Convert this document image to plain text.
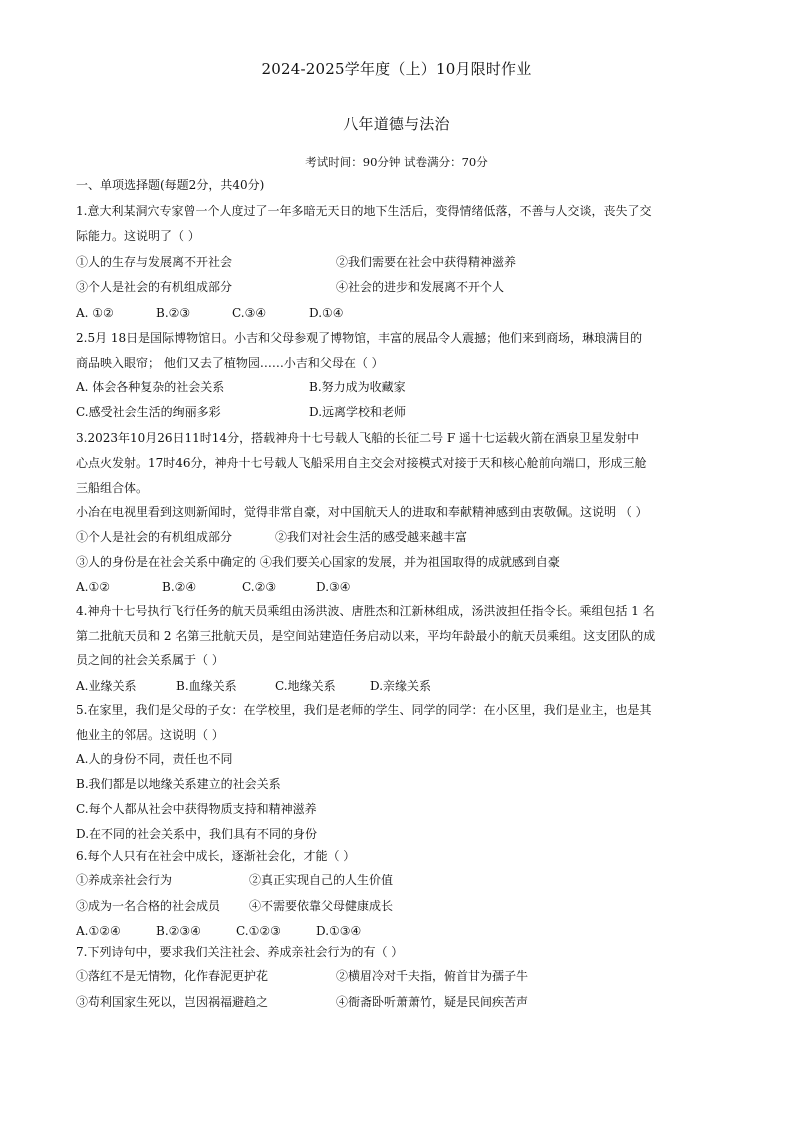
2024-2025学年度（上）10月限时作业
八年道德与法治
考试时间：90分钟 试卷满分：70分
一、单项选择题(每题2分，共40分)
1.意大利某洞穴专家曾一个人度过了一年多暗无天日的地下生活后，变得情绪低落，不善与人交谈，丧失了交
际能力。这说明了（ ）
①人的生存与发展离不开社会	②我们需要在社会中获得精神滋养
③个人是社会的有机组成部分	④社会的进步和发展离不开个人
A. ①②	B.②③	C.③④	D.①④
2.5月 18日是国际博物馆日。小吉和父母参观了博物馆，丰富的展品令人震撼；他们来到商场，琳琅满目的
商品映入眼帘； 他们又去了植物园……小吉和父母在（ ）
A. 体会各种复杂的社会关系	B.努力成为收藏家
C.感受社会生活的绚丽多彩	D.远离学校和老师
3.2023年10月26日11时14分，搭载神舟十七号载人飞船的长征二号 F 遥十七运载火箭在酒泉卫星发射中
心点火发射。17时46分，神舟十七号载人飞船采用自主交会对接模式对接于天和核心舱前向端口，形成三舱
三船组合体。
小冶在电视里看到这则新闻时，觉得非常自豪，对中国航天人的进取和奉献精神感到由衷敬佩。这说明 （ ）
①个人是社会的有机组成部分	②我们对社会生活的感受越来越丰富
③人的身份是在社会关系中确定的 ④我们要关心国家的发展，并为祖国取得的成就感到自豪
A.①②	B.②④	C.②③	D.③④
4.神舟十七号执行飞行任务的航天员乘组由汤洪波、唐胜杰和江新林组成，汤洪波担任指令长。乘组包括 1 名
第二批航天员和 2 名第三批航天员，是空间站建造任务启动以来，平均年龄最小的航天员乘组。这支团队的成
员之间的社会关系属于（ ）
A.业缘关系	B.血缘关系	C.地缘关系	D.亲缘关系
5.在家里，我们是父母的子女：在学校里，我们是老师的学生、同学的同学：在小区里，我们是业主，也是其
他业主的邻居。这说明（ ）
A.人的身份不同，责任也不同
B.我们都是以地缘关系建立的社会关系
C.每个人都从社会中获得物质支持和精神滋养
D.在不同的社会关系中，我们具有不同的身份
6.每个人只有在社会中成长，逐渐社会化，才能（ ）
①养成亲社会行为	②真正实现自己的人生价值
③成为一名合格的社会成员 ④不需要依靠父母健康成长
A.①②④	B.②③④	C.①②③	D.①③④
7.下列诗句中，要求我们关注社会、养成亲社会行为的有（ ）
①落红不是无情物，化作春泥更护花	②横眉冷对千夫指，俯首甘为孺子牛
③苟利国家生死以，岂因祸福避趋之	④衙斋卧听萧萧竹，疑是民间疾苦声
